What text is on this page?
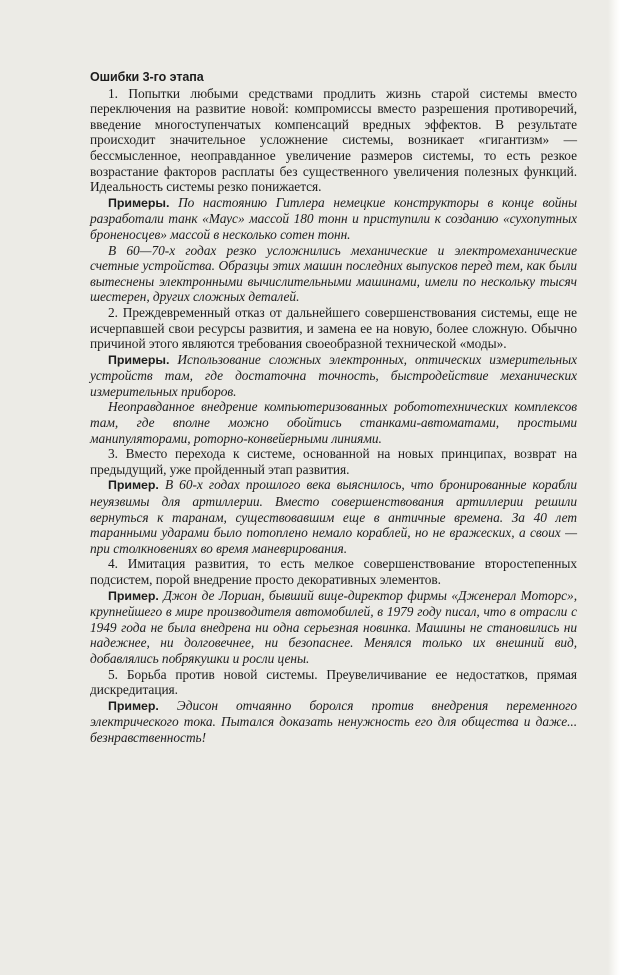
Ошибки 3-го этапа

1. Попытки любыми средствами продлить жизнь старой системы вместо переключения на развитие новой: компромиссы вместо разрешения противоречий, введение многоступенчатых компенсаций вредных эффектов. В результате происходит значительное усложнение системы, возникает «гигантизм» — бессмысленное, неоправданное увеличение размеров системы, то есть резкое возрастание факторов расплаты без существенного увеличения полезных функций. Идеальность системы резко понижается.

Примеры. По настоянию Гитлера немецкие конструкторы в конце войны разработали танк «Маус» массой 180 тонн и приступили к созданию «сухопутных броненосцев» массой в несколько сотен тонн.

В 60—70-х годах резко усложнились механические и электромеханические счетные устройства. Образцы этих машин последних выпусков перед тем, как были вытеснены электронными вычислительными машинами, имели по нескольку тысяч шестерен, других сложных деталей.

2. Преждевременный отказ от дальнейшего совершенствования системы, еще не исчерпавшей свои ресурсы развития, и замена ее на новую, более сложную. Обычно причиной этого являются требования своеобразной технической «моды».

Примеры. Использование сложных электронных, оптических измерительных устройств там, где достаточна точность, быстродействие механических измерительных приборов.

Неоправданное внедрение компьютеризованных робототехнических комплексов там, где вполне можно обойтись станками-автоматами, простыми манипуляторами, роторно-конвейерными линиями.

3. Вместо перехода к системе, основанной на новых принципах, возврат на предыдущий, уже пройденный этап развития.

Пример. В 60-х годах прошлого века выяснилось, что бронированные корабли неуязвимы для артиллерии. Вместо совершенствования артиллерии решили вернуться к таранам, существовавшим еще в античные времена. За 40 лет таранными ударами было потоплено немало кораблей, но не вражеских, а своих — при столкновениях во время маневрирования.

4. Имитация развития, то есть мелкое совершенствование второстепенных подсистем, порой внедрение просто декоративных элементов.

Пример. Джон де Лориан, бывший вице-директор фирмы «Дженерал Моторс», крупнейшего в мире производителя автомобилей, в 1979 году писал, что в отрасли с 1949 года не была внедрена ни одна серьезная новинка. Машины не становились ни надежнее, ни долговечнее, ни безопаснее. Менялся только их внешний вид, добавлялись побрякушки и росли цены.

5. Борьба против новой системы. Преувеличивание ее недостатков, прямая дискредитация.

Пример. Эдисон отчаянно боролся против внедрения переменного электрического тока. Пытался доказать ненужность его для общества и даже... безнравственность!
